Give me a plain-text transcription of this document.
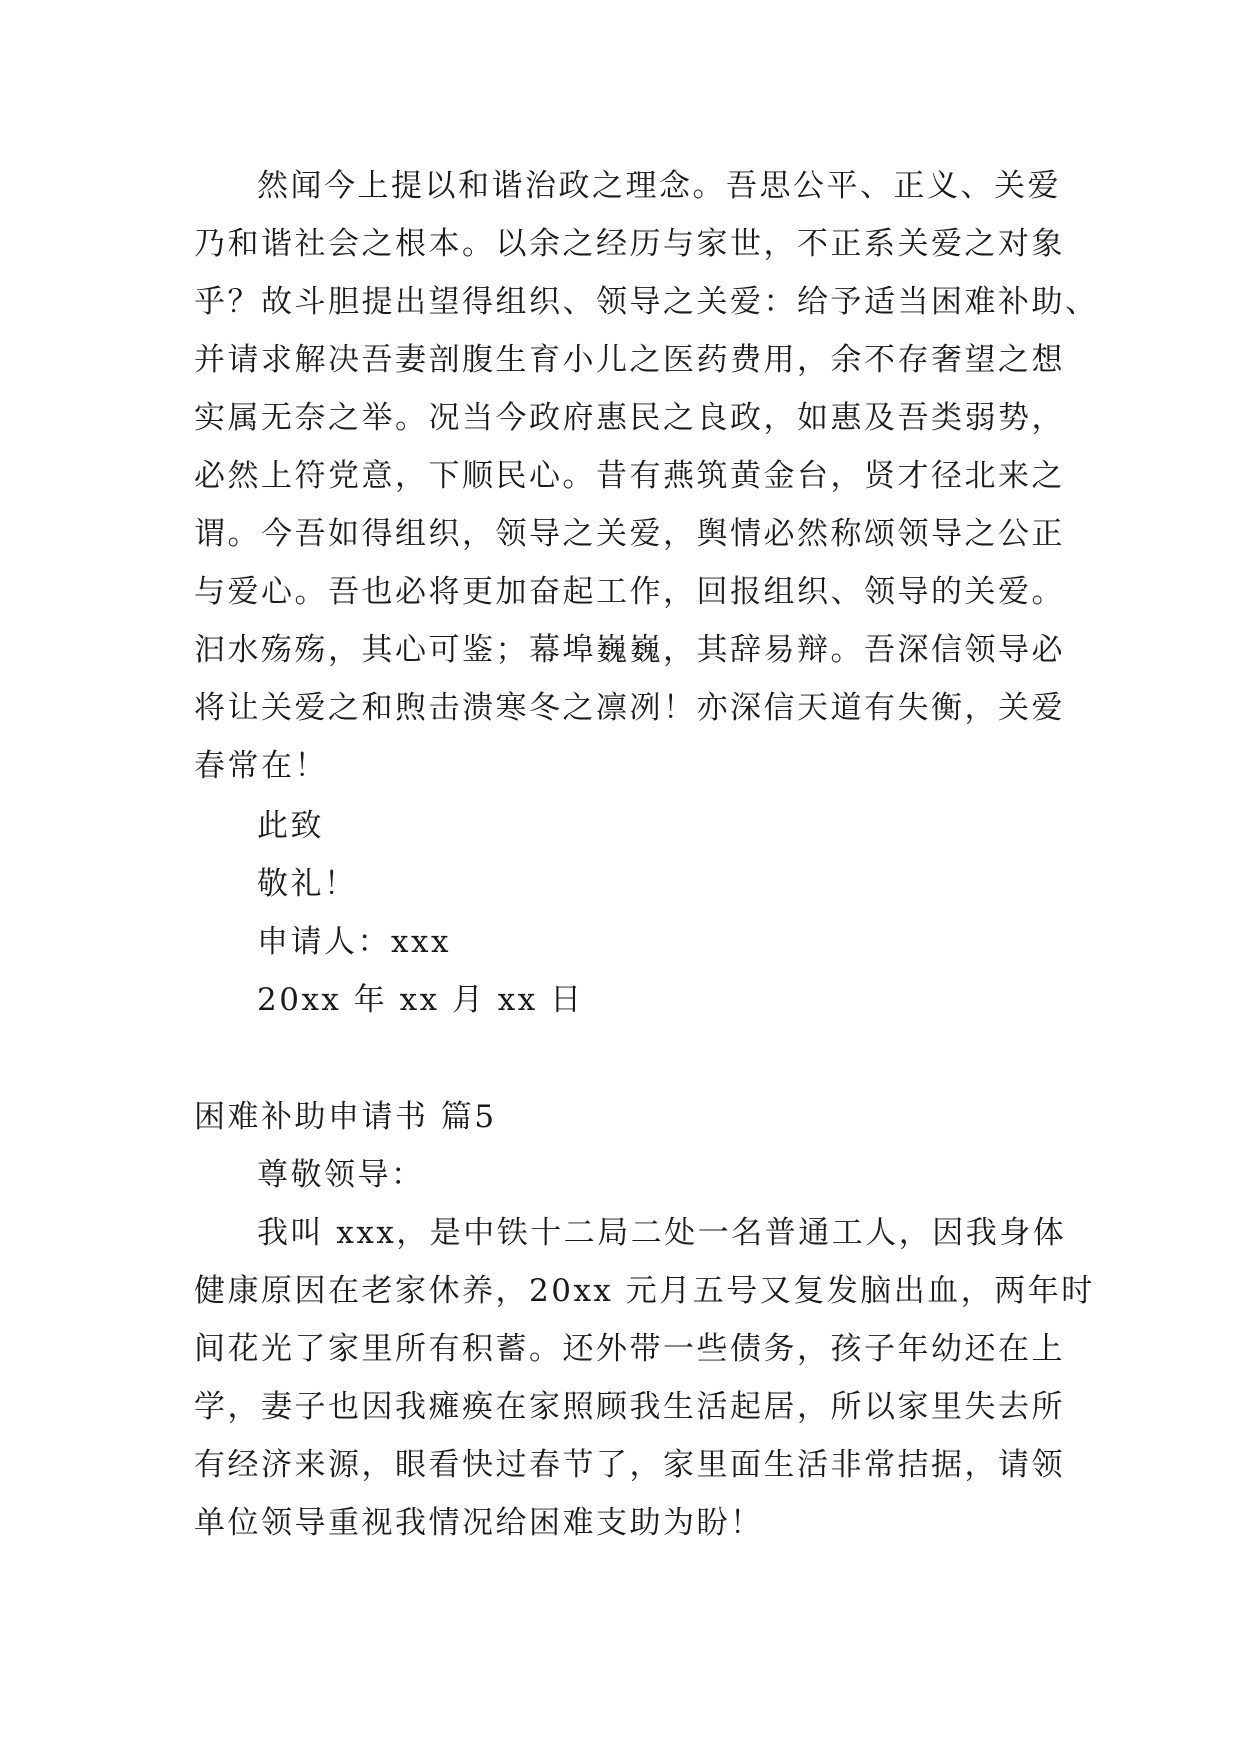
然闻今上提以和谐治政之理念。吾思公平、正义、关爱
乃和谐社会之根本。以余之经历与家世，不正系关爱之对象
乎？故斗胆提出望得组织、领导之关爱：给予适当困难补助、
并请求解决吾妻剖腹生育小儿之医药费用，余不存奢望之想
实属无奈之举。况当今政府惠民之良政，如惠及吾类弱势，
必然上符党意，下顺民心。昔有燕筑黄金台，贤才径北来之
谓。今吾如得组织，领导之关爱，舆情必然称颂领导之公正
与爱心。吾也必将更加奋起工作，回报组织、领导的关爱。
汩水殇殇，其心可鉴；幕埠巍巍，其辞易辩。吾深信领导必
将让关爱之和煦击溃寒冬之凛冽！亦深信天道有失衡，关爱
春常在！
此致
敬礼！
申请人：xxx
20xx 年 xx 月 xx 日
困难补助申请书 篇5
尊敬领导：
我叫 xxx，是中铁十二局二处一名普通工人，因我身体
健康原因在老家休养，20xx 元月五号又复发脑出血，两年时
间花光了家里所有积蓄。还外带一些债务，孩子年幼还在上
学，妻子也因我瘫痪在家照顾我生活起居，所以家里失去所
有经济来源，眼看快过春节了，家里面生活非常拮据，请领
单位领导重视我情况给困难支助为盼！
